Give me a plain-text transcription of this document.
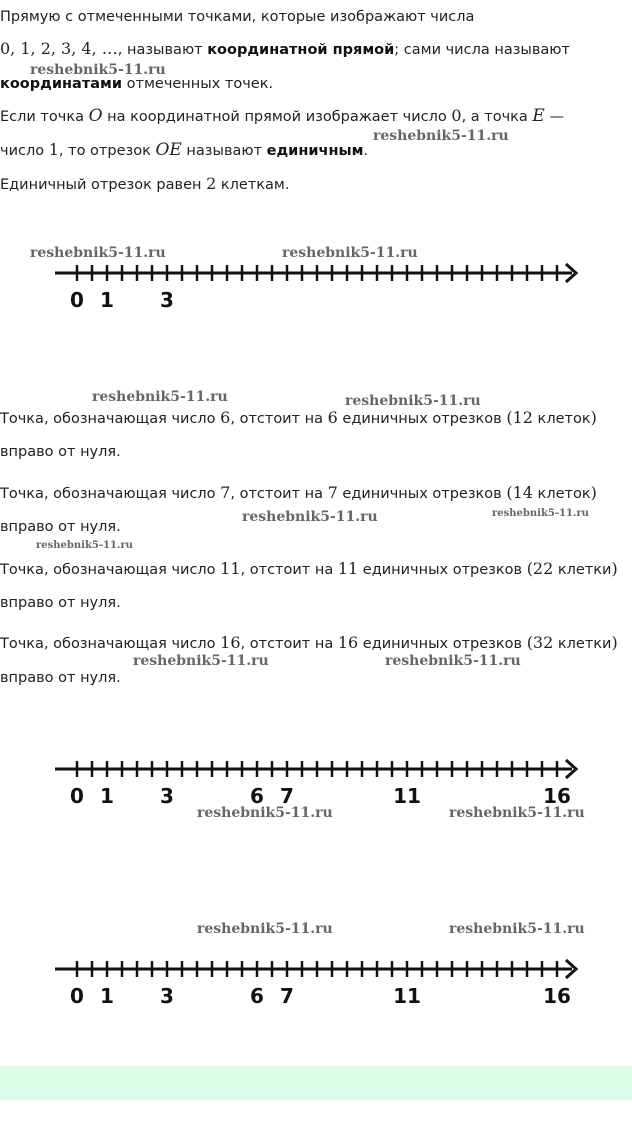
Прямую с отмеченными точками, которые изображают числа
0, 1, 2, 3, 4, …, называют координатной прямой; сами числа называют
координатами отмеченных точек.
Если точка O на координатной прямой изображает число 0, а точка E —
число 1, то отрезок OE называют единичным.
Единичный отрезок равен 2 клеткам.
Точка, обозначающая число 6, отстоит на 6 единичных отрезков (12 клеток)
вправо от нуля.
Точка, обозначающая число 7, отстоит на 7 единичных отрезков (14 клеток)
вправо от нуля.
Точка, обозначающая число 11, отстоит на 11 единичных отрезков (22 клетки)
вправо от нуля.
Точка, обозначающая число 16, отстоит на 16 единичных отрезков (32 клетки)
вправо от нуля.
0 1 3
0 1 3	6 7	11	16
0 1 3	6 7	11	16
reshebnik5-11.ru
reshebnik5-11.ru
reshebnik5-11.ru	reshebnik5-11.ru
reshebnik5-11.ru	reshebnik5-11.ru
reshebnik5-11.ru	reshebnik5-11.ru
reshebnik5-11.ru
reshebnik5-11.ru	reshebnik5-11.ru
reshebnik5-11.ru	reshebnik5-11.ru
reshebnik5-11.ru	reshebnik5-11.ru
